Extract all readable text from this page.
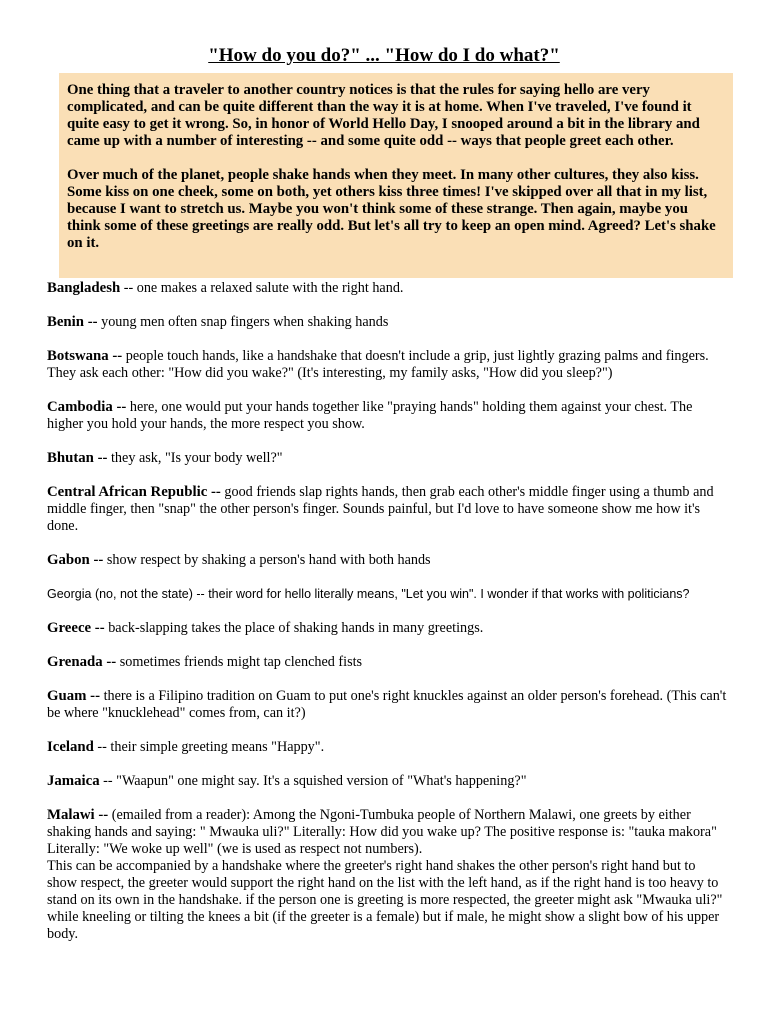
"How do you do?" ... "How do I do what?"

One thing that a traveler to another country notices is that the rules for saying hello are very complicated, and can be quite different than the way it is at home. When I've traveled, I've found it quite easy to get it wrong. So, in honor of World Hello Day, I snooped around a bit in the library and came up with a number of interesting -- and some quite odd -- ways that people greet each other.

Over much of the planet, people shake hands when they meet. In many other cultures, they also kiss. Some kiss on one cheek, some on both, yet others kiss three times! I've skipped over all that in my list, because I want to stretch us. Maybe you won't think some of these strange. Then again, maybe you think some of these greetings are really odd. But let's all try to keep an open mind. Agreed? Let's shake on it.

Bangladesh -- one makes a relaxed salute with the right hand.

Benin -- young men often snap fingers when shaking hands

Botswana -- people touch hands, like a handshake that doesn't include a grip, just lightly grazing palms and fingers. They ask each other: "How did you wake?" (It's interesting, my family asks, "How did you sleep?")

Cambodia -- here, one would put your hands together like "praying hands" holding them against your chest. The higher you hold your hands, the more respect you show.

Bhutan -- they ask, "Is your body well?"

Central African Republic -- good friends slap rights hands, then grab each other's middle finger using a thumb and middle finger, then "snap" the other person's finger. Sounds painful, but I'd love to have someone show me how it's done.

Gabon -- show respect by shaking a person's hand with both hands

Georgia (no, not the state) -- their word for hello literally means, "Let you win". I wonder if that works with politicians?

Greece -- back-slapping takes the place of shaking hands in many greetings.

Grenada -- sometimes friends might tap clenched fists

Guam -- there is a Filipino tradition on Guam to put one's right knuckles against an older person's forehead. (This can't be where "knucklehead" comes from, can it?)

Iceland -- their simple greeting means "Happy".

Jamaica -- "Waapun" one might say. It's a squished version of "What's happening?"

Malawi -- (emailed from a reader): Among the Ngoni-Tumbuka people of Northern Malawi, one greets by either shaking hands and saying: " Mwauka uli?" Literally: How did you wake up? The positive response is: "tauka makora" Literally: "We woke up well" (we is used as respect not numbers).
This can be accompanied by a handshake where the greeter's right hand shakes the other person's right hand but to show respect, the greeter would support the right hand on the list with the left hand, as if the right hand is too heavy to stand on its own in the handshake. if the person one is greeting is more respected, the greeter might ask "Mwauka uli?" while kneeling or tilting the knees a bit (if the greeter is a female) but if male, he might show a slight bow of his upper body.
